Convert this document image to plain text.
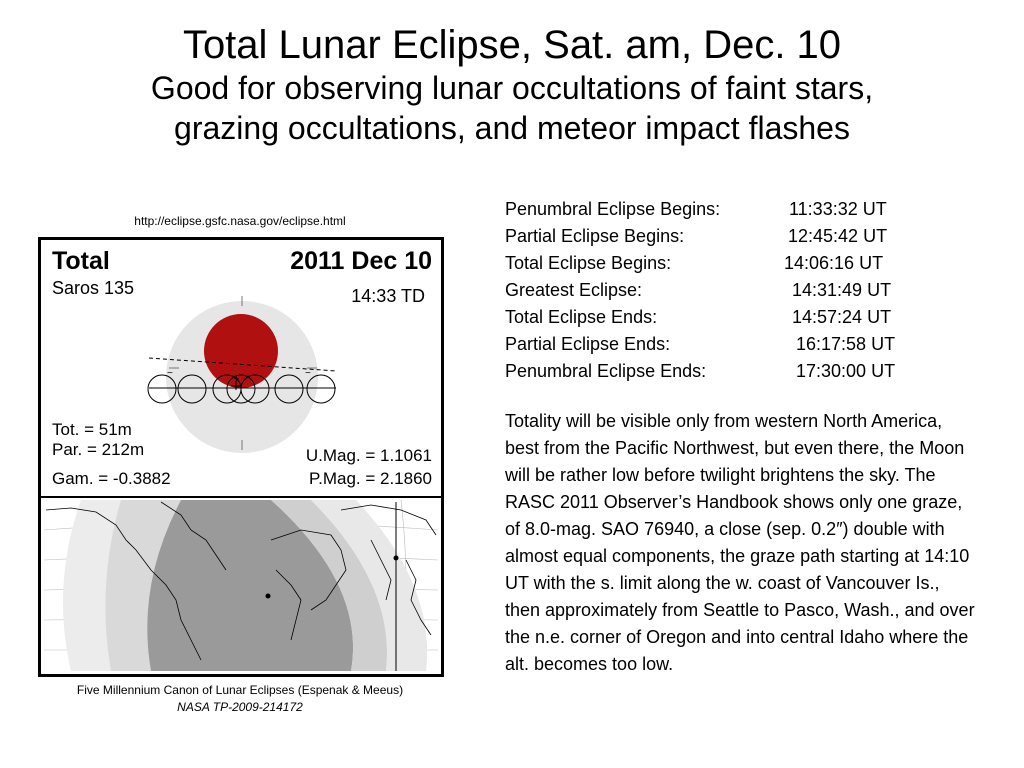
Total Lunar Eclipse, Sat. am, Dec. 10
Good for observing lunar occultations of faint stars,
grazing occultations, and meteor impact flashes
http://eclipse.gsfc.nasa.gov/eclipse.html
−	−
+
Total	2011 Dec 10
Saros 135	14:33 TD
Tot. = 51m
Par. = 212m
Gam. = -0.3882
U.Mag. = 1.1061
P.Mag. = 2.1860
Five Millennium Canon of Lunar Eclipses (Espenak & Meeus)
NASA TP-2009-214172
Penumbral Eclipse Begins:	11:33:32 UT
Partial Eclipse Begins:	12:45:42 UT
Total Eclipse Begins:	14:06:16 UT
Greatest Eclipse:	14:31:49 UT
Total Eclipse Ends:	14:57:24 UT
Partial Eclipse Ends:	16:17:58 UT
Penumbral Eclipse Ends:	17:30:00 UT
Totality will be visible only from western North America, best from the Pacific Northwest, but even there, the Moon will be rather low before twilight brightens the sky. The RASC 2011 Observer’s Handbook shows only one graze, of 8.0-mag. SAO 76940, a close (sep. 0.2″) double with almost equal components, the graze path starting at 14:10 UT with the s. limit along the w. coast of Vancouver Is., then approximately from Seattle to Pasco, Wash., and over the n.e. corner of Oregon and into central Idaho where the alt. becomes too low.
